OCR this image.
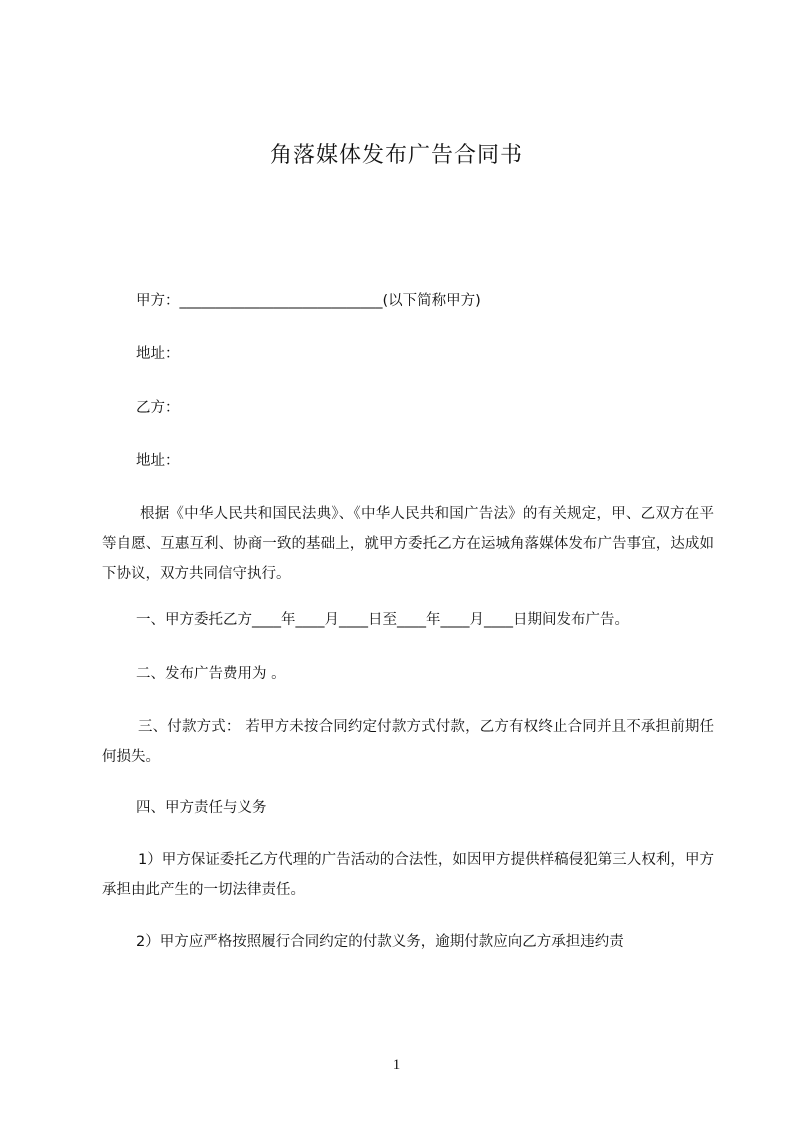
角落媒体发布广告合同书
甲方：____________________________(以下简称甲方)
地址：
乙方：
地址：
根据《中华人民共和国民法典》、《中华人民共和国广告法》的有关规定，甲、乙双方在平等自愿、互惠互利、协商一致的基础上，就甲方委托乙方在运城角落媒体发布广告事宜，达成如下协议，双方共同信守执行。
一、甲方委托乙方____年____月____日至____年____月____日期间发布广告。
二、发布广告费用为 。
三、付款方式： 若甲方未按合同约定付款方式付款，乙方有权终止合同并且不承担前期任何损失。
四、甲方责任与义务
1）甲方保证委托乙方代理的广告活动的合法性，如因甲方提供样稿侵犯第三人权利，甲方承担由此产生的一切法律责任。
2）甲方应严格按照履行合同约定的付款义务，逾期付款应向乙方承担违约责
1
